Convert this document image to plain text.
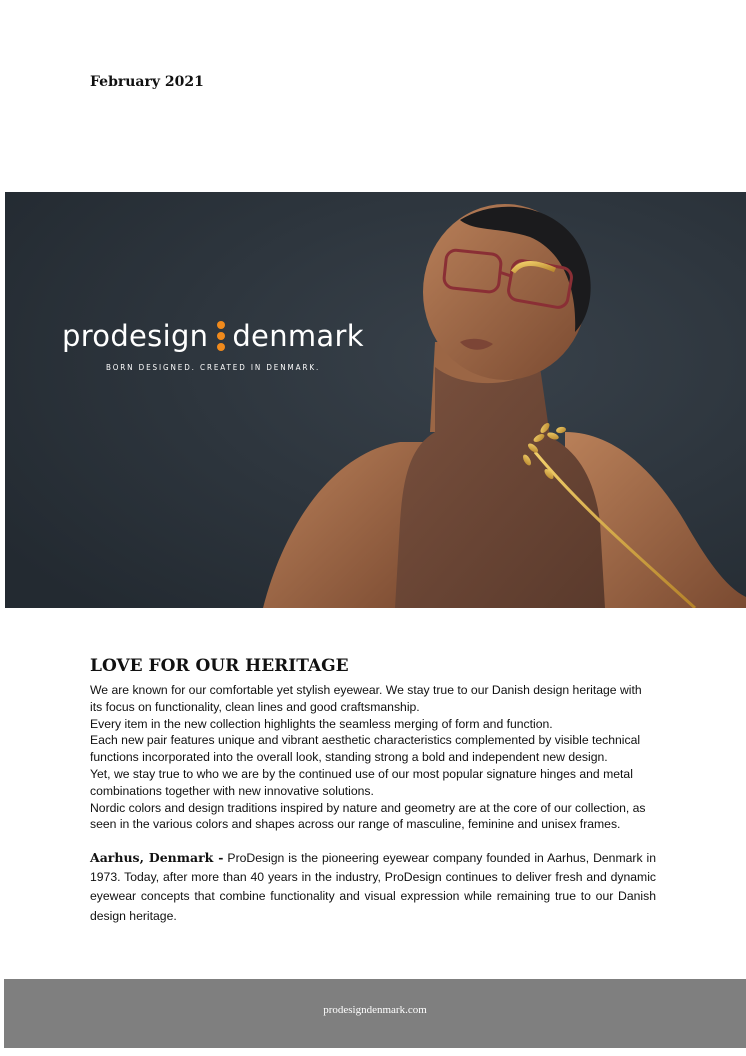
February 2021
prodesign denmark
BORN DESIGNED. CREATED IN DENMARK.
LOVE FOR OUR HERITAGE

We are known for our comfortable yet stylish eyewear. We stay true to our Danish design heritage with its focus on functionality, clean lines and good craftsmanship.

Every item in the new collection highlights the seamless merging of form and function.

Each new pair features unique and vibrant aesthetic characteristics complemented by visible technical functions incorporated into the overall look, standing strong a bold and independent new design.

Yet, we stay true to who we are by the continued use of our most popular signature hinges and metal combinations together with new innovative solutions.

Nordic colors and design traditions inspired by nature and geometry are at the core of our collection, as seen in the various colors and shapes across our range of masculine, feminine and unisex frames.

Aarhus, Denmark - ProDesign is the pioneering eyewear company founded in Aarhus, Denmark in 1973. Today, after more than 40 years in the industry, ProDesign continues to deliver fresh and dynamic eyewear concepts that combine functionality and visual expression while remaining true to our Danish design heritage.

prodesigndenmark.com
